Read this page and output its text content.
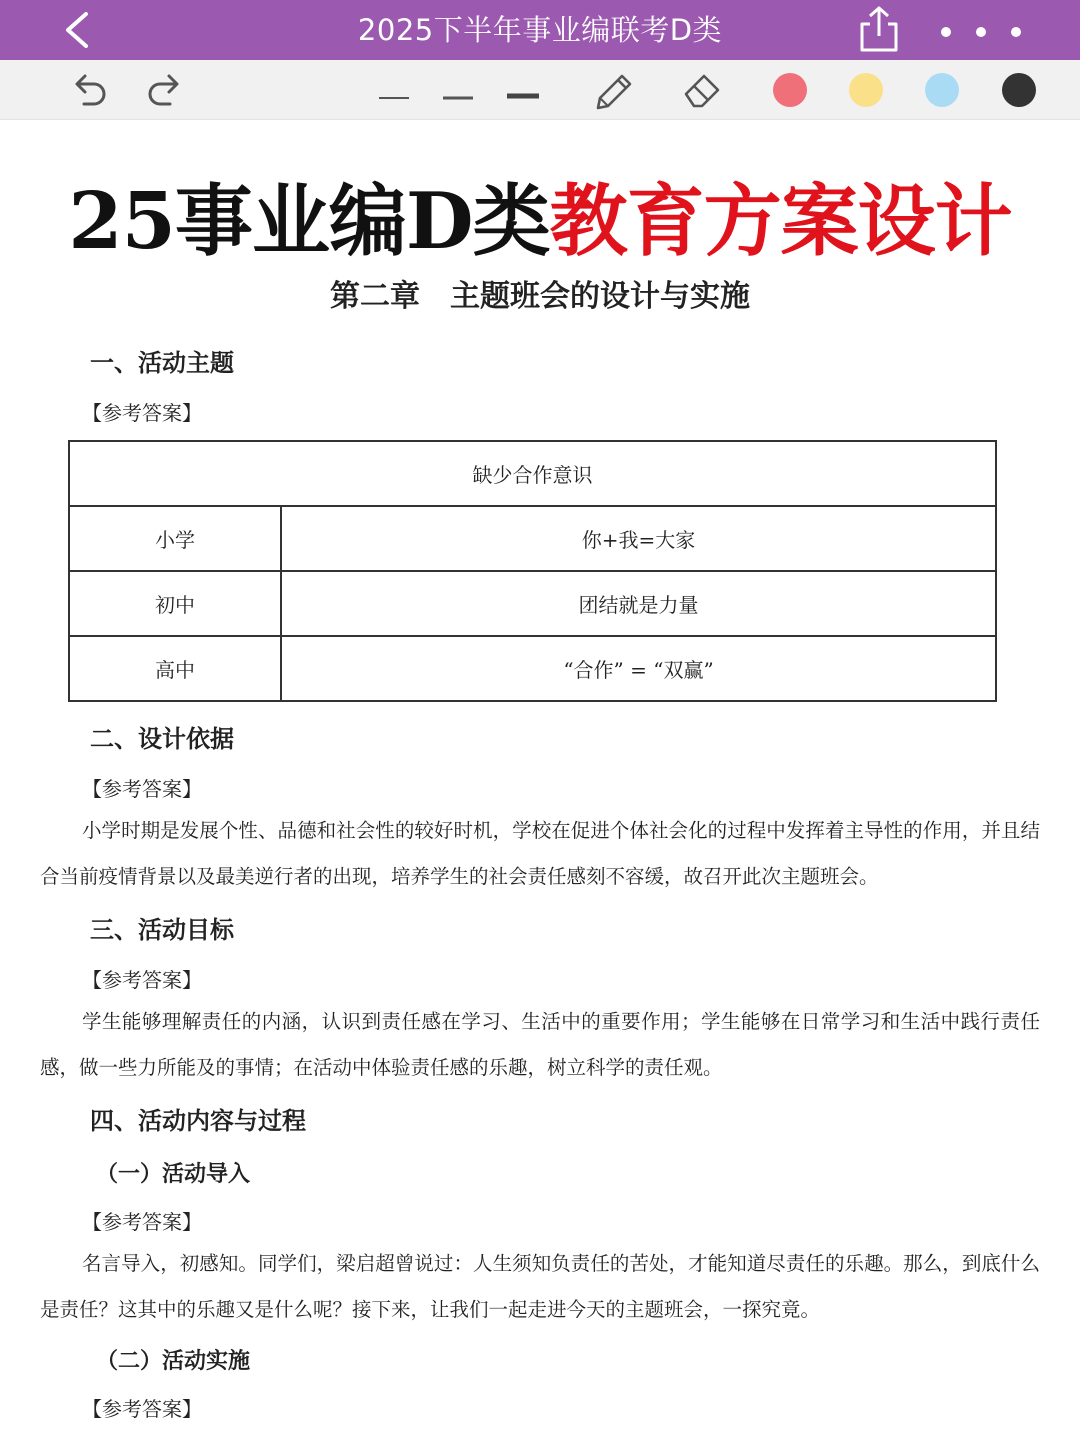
2025下半年事业编联考D类
25事业编D类教育方案设计
第二章　主题班会的设计与实施
一、活动主题
【参考答案】
缺少合作意识	
小学	你+我=大家
初中	团结就是力量
高中	“合作” = “双赢”
二、设计依据
【参考答案】
小学时期是发展个性、品德和社会性的较好时机，学校在促进个体社会化的过程中发挥着主导性的作用，并且结合当前疫情背景以及最美逆行者的出现，培养学生的社会责任感刻不容缓，故召开此次主题班会。
三、活动目标
【参考答案】
学生能够理解责任的内涵，认识到责任感在学习、生活中的重要作用；学生能够在日常学习和生活中践行责任感，做一些力所能及的事情；在活动中体验责任感的乐趣，树立科学的责任观。
四、活动内容与过程
（一）活动导入
【参考答案】
名言导入，初感知。同学们，梁启超曾说过：人生须知负责任的苦处，才能知道尽责任的乐趣。那么，到底什么是责任？这其中的乐趣又是什么呢？接下来，让我们一起走进今天的主题班会，一探究竟。
（二）活动实施
【参考答案】
